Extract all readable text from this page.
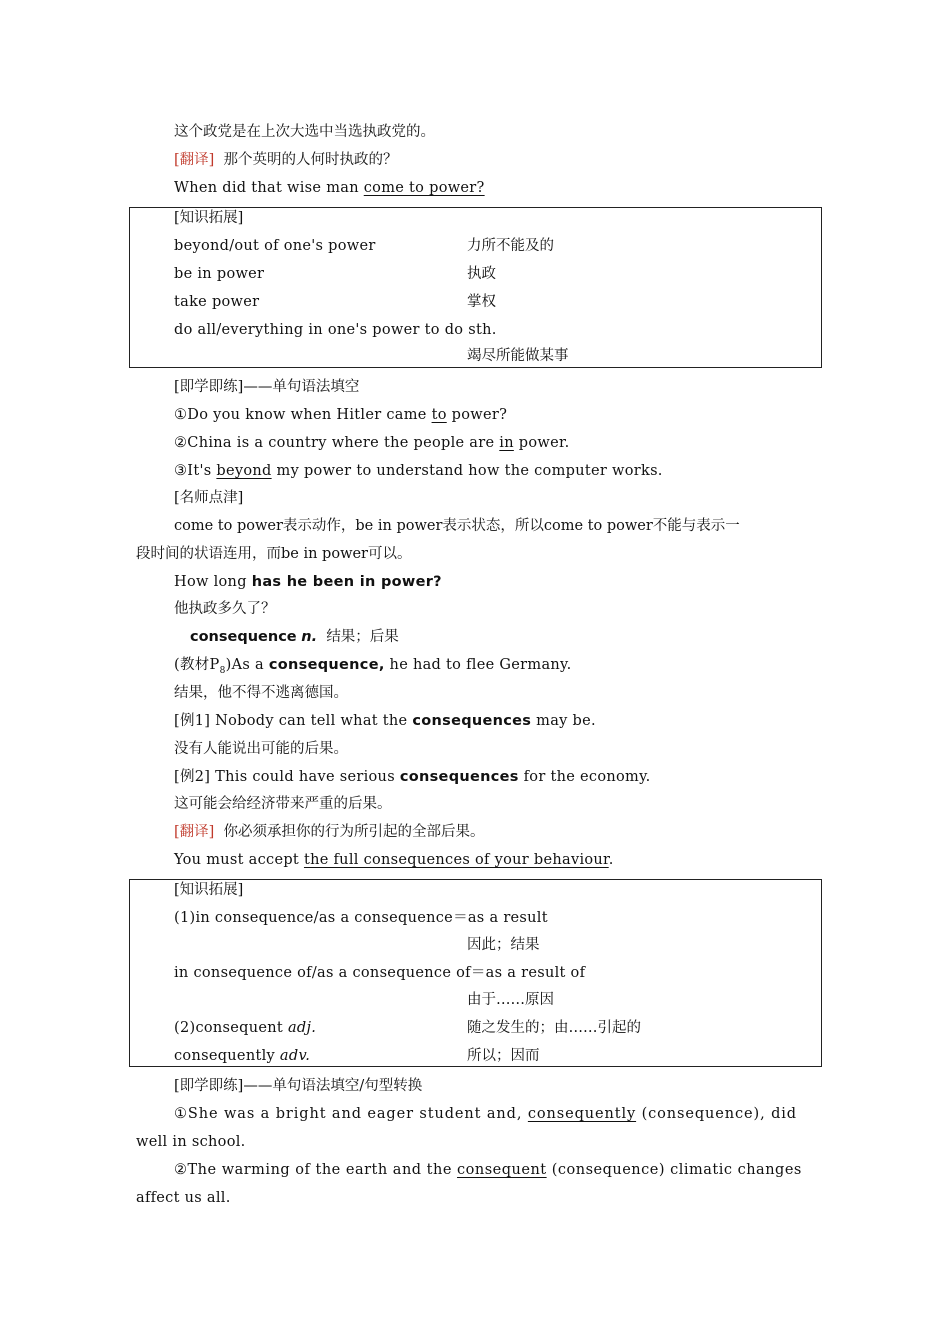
这个政党是在上次大选中当选执政党的。
[翻译] 那个英明的人何时执政的？
When did that wise man come to power?
[知识拓展]
beyond/out of one's power	力所不能及的
be in power	执政
take power	掌权
do all/everything in one's power to do sth.
竭尽所能做某事
[即学即练]——单句语法填空
①Do you know when Hitler came to power?
②China is a country where the people are in power.
③It's beyond my power to understand how the computer works.
[名师点津]
come to power表示动作，be in power表示状态，所以come to power不能与表示一
段时间的状语连用，而be in power可以。
How long has he been in power?
他执政多久了？
consequence n. 结果；后果
(教材$P_8)As$ a consequence, he had to flee Germany.
结果，他不得不逃离德国。
[例1] Nobody can tell what the consequences may be.
没有人能说出可能的后果。
[例2] This could have serious consequences for the economy.
这可能会给经济带来严重的后果。
[翻译] 你必须承担你的行为所引起的全部后果。
You must accept the full consequences of your behaviour.
[知识拓展]
(1)in consequence/as a consequence＝as a result
因此；结果
in consequence of/as a consequence of＝as a result of
由于……原因
(2)consequent adj.	随之发生的；由……引起的
consequently adv.	所以；因而
[即学即练]——单句语法填空/句型转换
①She was a bright and eager student and, consequently (consequence), did
well in school.
②The warming of the earth and the consequent (consequence) climatic changes
affect us all.
